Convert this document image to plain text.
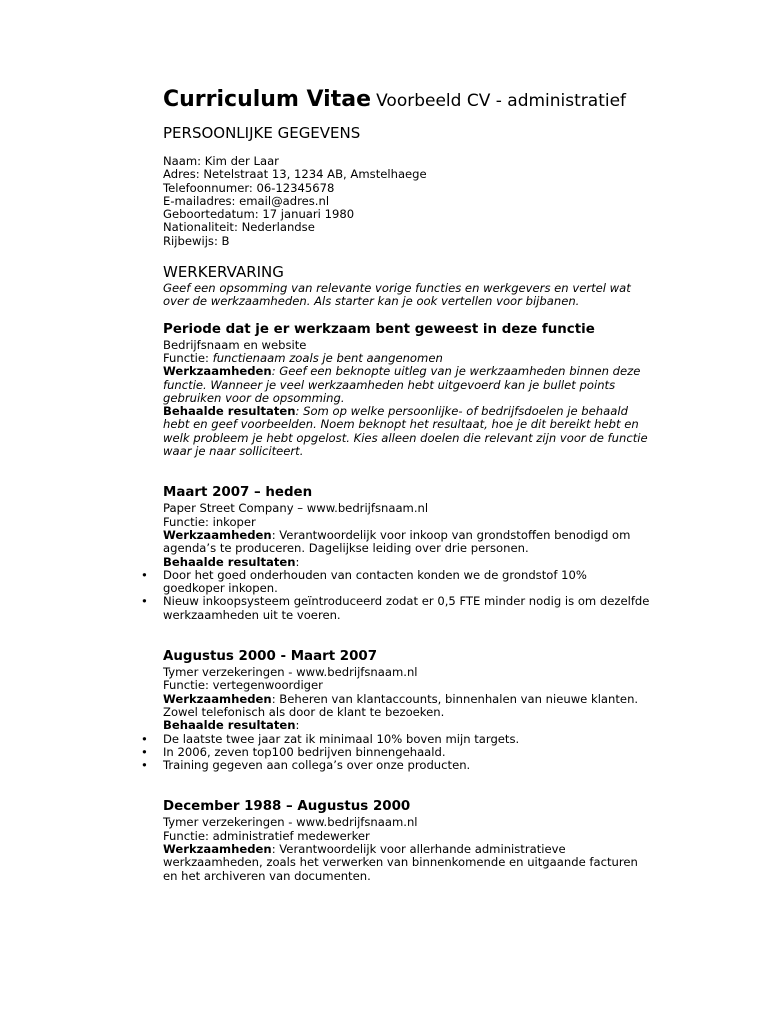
Curriculum Vitae Voorbeeld CV - administratief
PERSOONLIJKE GEGEVENS
Naam: Kim der Laar
Adres: Netelstraat 13, 1234 AB, Amstelhaege
Telefoonnumer: 06-12345678
E-mailadres: email@adres.nl
Geboortedatum: 17 januari 1980
Nationaliteit: Nederlandse
Rijbewijs: B
WERKERVARING
Geef een opsomming van relevante vorige functies en werkgevers en vertel wat
over de werkzaamheden. Als starter kan je ook vertellen voor bijbanen.
Periode dat je er werkzaam bent geweest in deze functie
Bedrijfsnaam en website
Functie: functienaam zoals je bent aangenomen
Werkzaamheden: Geef een beknopte uitleg van je werkzaamheden binnen deze
functie. Wanneer je veel werkzaamheden hebt uitgevoerd kan je bullet points
gebruiken voor de opsomming.
Behaalde resultaten: Som op welke persoonlijke- of bedrijfsdoelen je behaald
hebt en geef voorbeelden. Noem beknopt het resultaat, hoe je dit bereikt hebt en
welk probleem je hebt opgelost. Kies alleen doelen die relevant zijn voor de functie
waar je naar solliciteert.
Maart 2007 – heden
Paper Street Company – www.bedrijfsnaam.nl
Functie: inkoper
Werkzaamheden: Verantwoordelijk voor inkoop van grondstoffen benodigd om
agenda’s te produceren. Dagelijkse leiding over drie personen.
Behaalde resultaten:
• Door het goed onderhouden van contacten konden we de grondstof 10%
goedkoper inkopen.
• Nieuw inkoopsysteem geïntroduceerd zodat er 0,5 FTE minder nodig is om dezelfde
werkzaamheden uit te voeren.
Augustus 2000 - Maart 2007
Tymer verzekeringen - www.bedrijfsnaam.nl
Functie: vertegenwoordiger
Werkzaamheden: Beheren van klantaccounts, binnenhalen van nieuwe klanten.
Zowel telefonisch als door de klant te bezoeken.
Behaalde resultaten:
• De laatste twee jaar zat ik minimaal 10% boven mijn targets.
• In 2006, zeven top100 bedrijven binnengehaald.
• Training gegeven aan collega’s over onze producten.
December 1988 – Augustus 2000
Tymer verzekeringen - www.bedrijfsnaam.nl
Functie: administratief medewerker
Werkzaamheden: Verantwoordelijk voor allerhande administratieve
werkzaamheden, zoals het verwerken van binnenkomende en uitgaande facturen
en het archiveren van documenten.
